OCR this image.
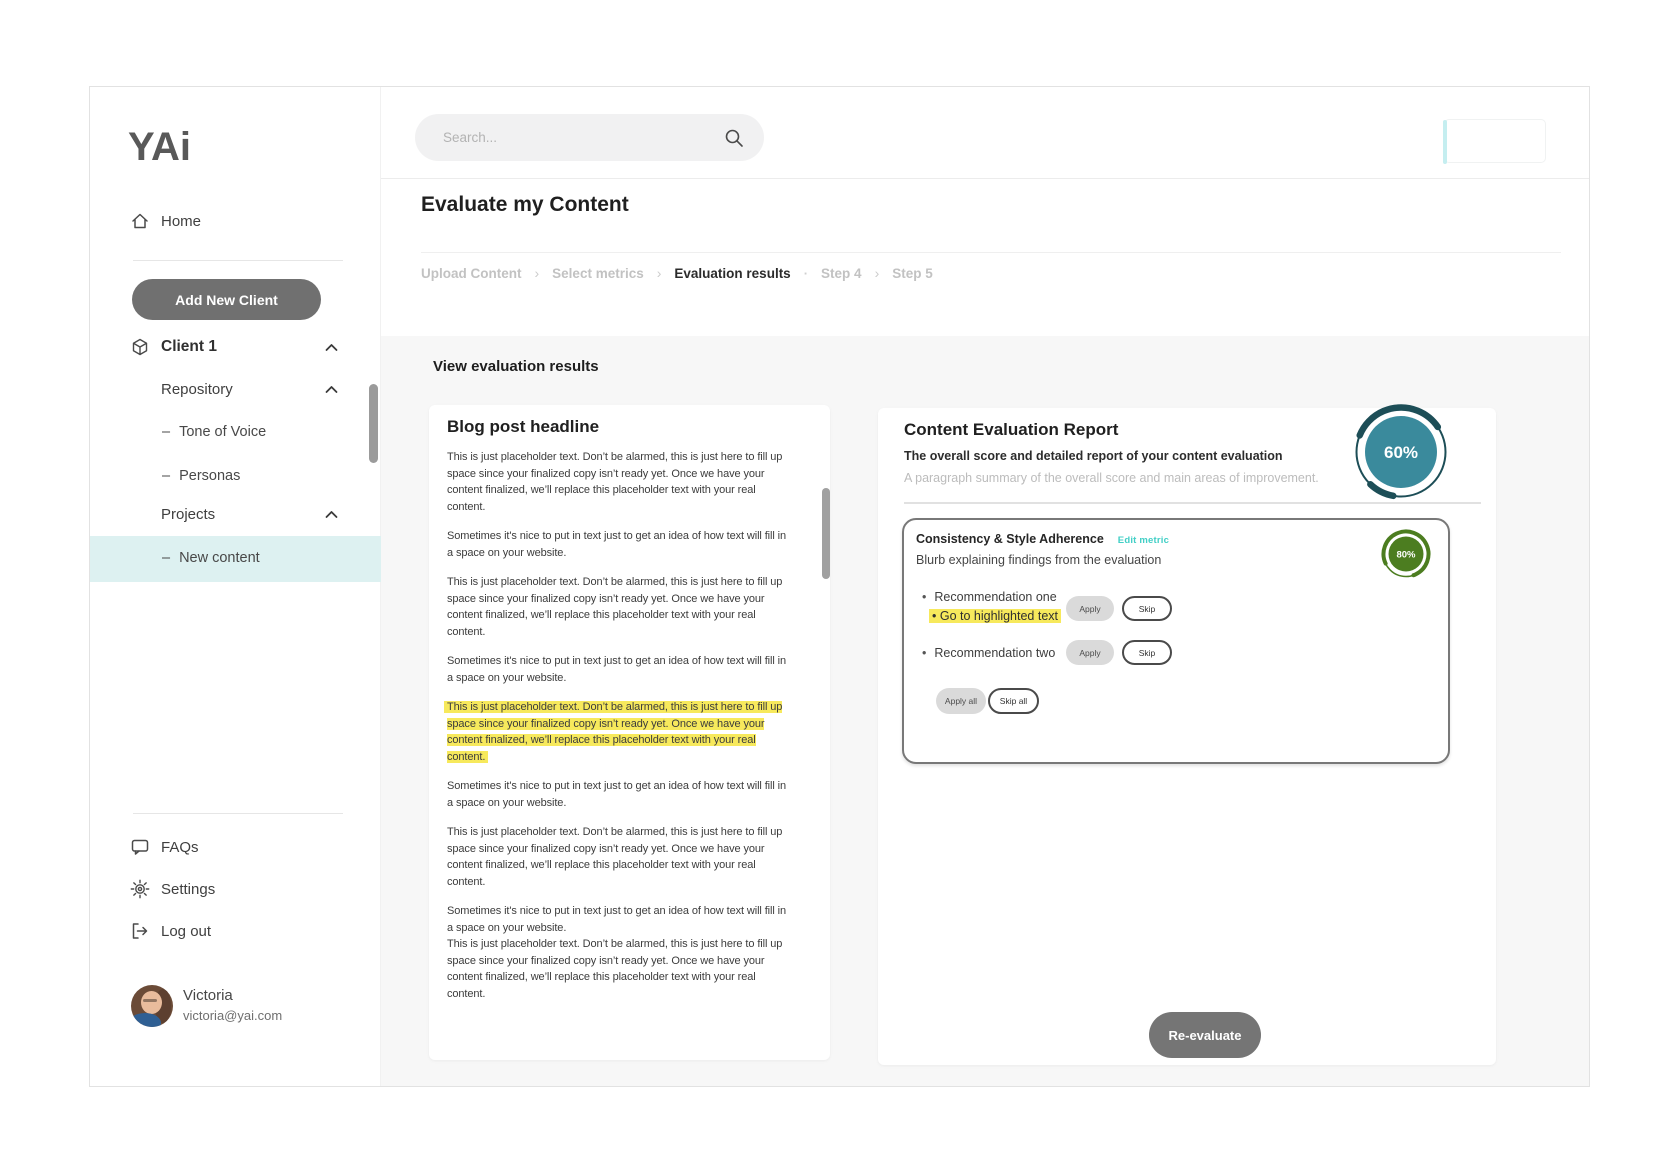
YAi
Home
Add New Client
Client 1
Repository
– Tone of Voice
– Personas
Projects
– New content
FAQs
Settings
Log out
Victoria
victoria@yai.com
Search...
Evaluate my Content
Upload Content › Select metrics › Evaluation results · Step 4 › Step 5
View evaluation results
Blog post headline

This is just placeholder text. Don’t be alarmed, this is just here to fill up space since your finalized copy isn’t ready yet. Once we have your content finalized, we’ll replace this placeholder text with your real content.

Sometimes it's nice to put in text just to get an idea of how text will fill in a space on your website.

This is just placeholder text. Don’t be alarmed, this is just here to fill up space since your finalized copy isn’t ready yet. Once we have your content finalized, we’ll replace this placeholder text with your real content.

Sometimes it's nice to put in text just to get an idea of how text will fill in a space on your website.

This is just placeholder text. Don’t be alarmed, this is just here to fill up space since your finalized copy isn’t ready yet. Once we have your content finalized, we’ll replace this placeholder text with your real content.

Sometimes it's nice to put in text just to get an idea of how text will fill in a space on your website.

This is just placeholder text. Don’t be alarmed, this is just here to fill up space since your finalized copy isn’t ready yet. Once we have your content finalized, we’ll replace this placeholder text with your real content.

Sometimes it's nice to put in text just to get an idea of how text will fill in a space on your website.

This is just placeholder text. Don’t be alarmed, this is just here to fill up space since your finalized copy isn’t ready yet. Once we have your content finalized, we’ll replace this placeholder text with your real content.

Content Evaluation Report
The overall score and detailed report of your content evaluation
A paragraph summary of the overall score and main areas of improvement.
60%
Consistency & Style Adherence Edit metric
Blurb explaining findings from the evaluation
• Recommendation one
• Go to highlighted text
Apply	Skip
• Recommendation two	Apply	Skip
Apply all	Skip all
80%
Re-evaluate
